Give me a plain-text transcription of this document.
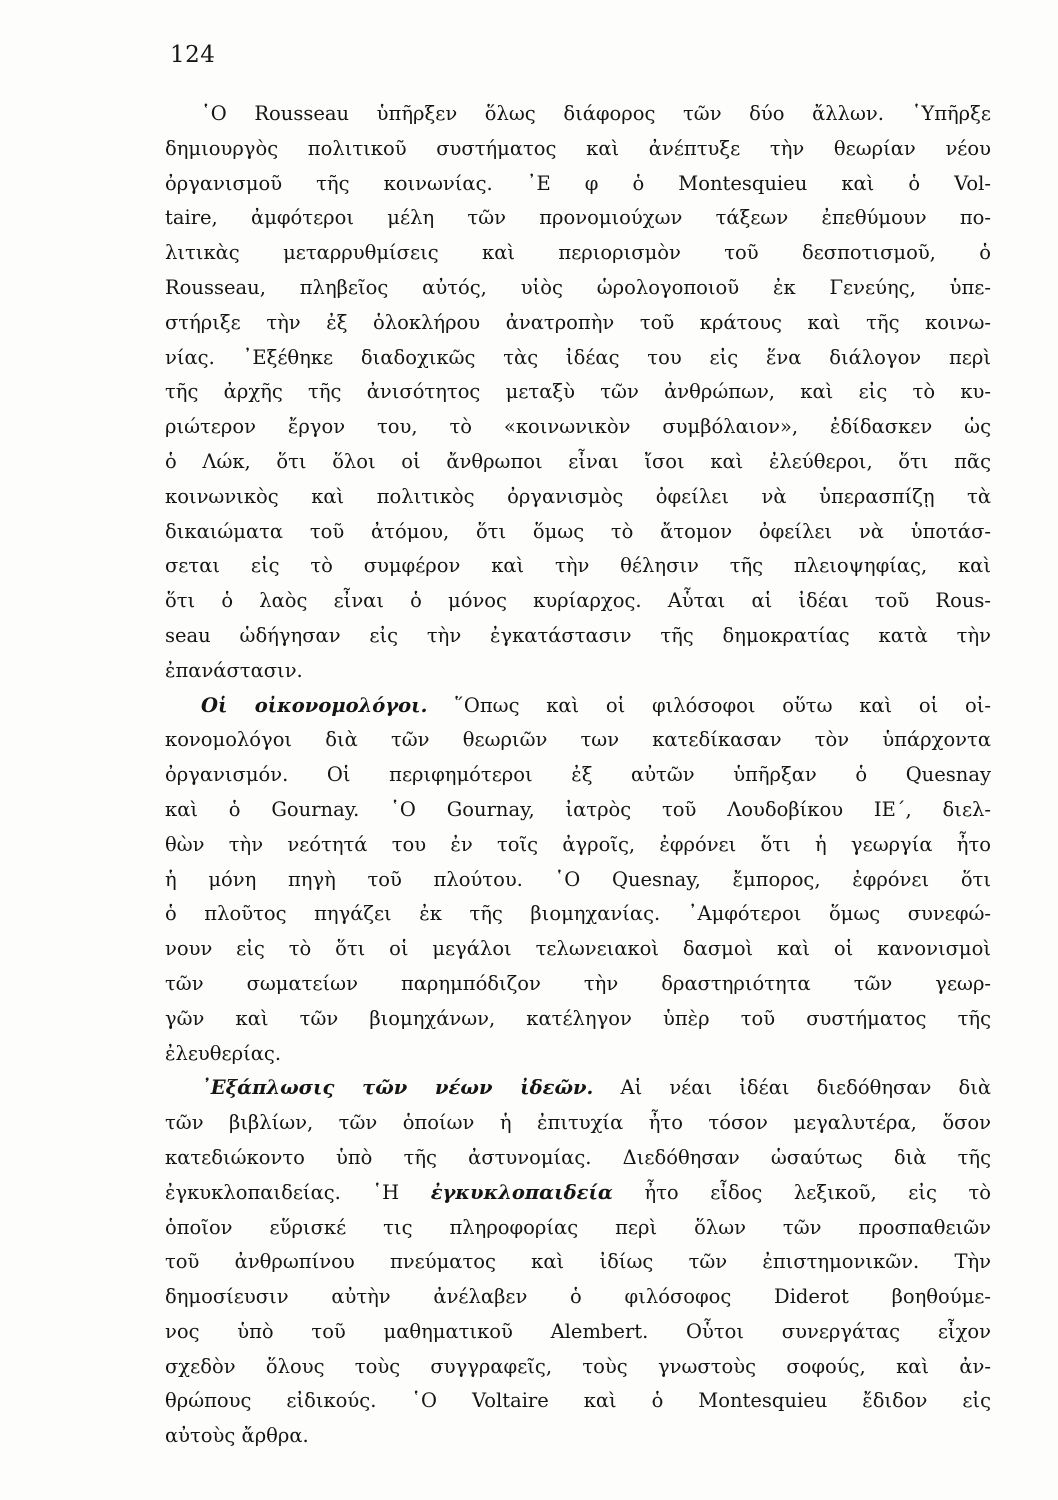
124
῾Ο Rousseau ὑπῆρξεν ὅλως διάφορος τῶν δύο ἄλλων. ῾Υπῆρξε
δημιουργὸς πολιτικοῦ συστήματος καὶ ἀνέπτυξε τὴν θεωρίαν νέου
ὀργανισμοῦ τῆς κοινωνίας. ᾿Ε φ ὁ Montesquieu καὶ ὁ Vol-
taire, ἀμφότεροι μέλη τῶν προνομιούχων τάξεων ἐπεθύμουν πο-
λιτικὰς μεταρρυθμίσεις καὶ περιορισμὸν τοῦ δεσποτισμοῦ, ὁ
Rousseau, πληβεῖος αὐτός, υἱὸς ὡρολογοποιοῦ ἐκ Γενεύης, ὑπε-
στήριξε τὴν ἐξ ὁλοκλήρου ἀνατροπὴν τοῦ κράτους καὶ τῆς κοινω-
νίας. ᾿Εξέθηκε διαδοχικῶς τὰς ἰδέας του εἰς ἕνα διάλογον περὶ
τῆς ἀρχῆς τῆς ἀνισότητος μεταξὺ τῶν ἀνθρώπων, καὶ εἰς τὸ κυ-
ριώτερον ἔργον του, τὸ «κοινωνικὸν συμβόλαιον», ἐδίδασκεν ὡς
ὁ Λώκ, ὅτι ὅλοι οἱ ἄνθρωποι εἶναι ἴσοι καὶ ἐλεύθεροι, ὅτι πᾶς
κοινωνικὸς καὶ πολιτικὸς ὀργανισμὸς ὀφείλει νὰ ὑπερασπίζῃ τὰ
δικαιώματα τοῦ ἀτόμου, ὅτι ὅμως τὸ ἄτομον ὀφείλει νὰ ὑποτάσ-
σεται εἰς τὸ συμφέρον καὶ τὴν θέλησιν τῆς πλειοψηφίας, καὶ
ὅτι ὁ λαὸς εἶναι ὁ μόνος κυρίαρχος. Αὗται αἱ ἰδέαι τοῦ Rous-
seau ὡδήγησαν εἰς τὴν ἐγκατάστασιν τῆς δημοκρατίας κατὰ τὴν
ἐπανάστασιν.
Οἱ οἰκονομολόγοι. ῞Οπως καὶ οἱ φιλόσοφοι οὕτω καὶ οἱ οἰ-
κονομολόγοι διὰ τῶν θεωριῶν των κατεδίκασαν τὸν ὑπάρχοντα
ὀργανισμόν. Οἱ περιφημότεροι ἐξ αὐτῶν ὑπῆρξαν ὁ Quesnay
καὶ ὁ Gournay. ῾Ο Gournay, ἰατρὸς τοῦ Λουδοβίκου ΙΕ΄, διελ-
θὼν τὴν νεότητά του ἐν τοῖς ἀγροῖς, ἐφρόνει ὅτι ἡ γεωργία ἦτο
ἡ μόνη πηγὴ τοῦ πλούτου. ῾Ο Quesnay, ἔμπορος, ἐφρόνει ὅτι
ὁ πλοῦτος πηγάζει ἐκ τῆς βιομηχανίας. ᾿Αμφότεροι ὅμως συνεφώ-
νουν εἰς τὸ ὅτι οἱ μεγάλοι τελωνειακοὶ δασμοὶ καὶ οἱ κανονισμοὶ
τῶν σωματείων παρημπόδιζον τὴν δραστηριότητα τῶν γεωρ-
γῶν καὶ τῶν βιομηχάνων, κατέληγον ὑπὲρ τοῦ συστήματος τῆς
ἐλευθερίας.
᾿Εξάπλωσις τῶν νέων ἰδεῶν. Αἱ νέαι ἰδέαι διεδόθησαν διὰ
τῶν βιβλίων, τῶν ὁποίων ἡ ἐπιτυχία ἦτο τόσον μεγαλυτέρα, ὅσον
κατεδιώκοντο ὑπὸ τῆς ἀστυνομίας. Διεδόθησαν ὡσαύτως διὰ τῆς
ἐγκυκλοπαιδείας. ῾Η ἐγκυκλοπαιδεία ἦτο εἶδος λεξικοῦ, εἰς τὸ
ὁποῖον εὕρισκέ τις πληροφορίας περὶ ὅλων τῶν προσπαθειῶν
τοῦ ἀνθρωπίνου πνεύματος καὶ ἰδίως τῶν ἐπιστημονικῶν. Τὴν
δημοσίευσιν αὐτὴν ἀνέλαβεν ὁ φιλόσοφος Diderot βοηθούμε-
νος ὑπὸ τοῦ μαθηματικοῦ Alembert. Οὗτοι συνεργάτας εἶχον
σχεδὸν ὅλους τοὺς συγγραφεῖς, τοὺς γνωστοὺς σοφούς, καὶ ἀν-
θρώπους εἰδικούς. ῾Ο Voltaire καὶ ὁ Montesquieu ἔδιδον εἰς
αὐτοὺς ἄρθρα.
